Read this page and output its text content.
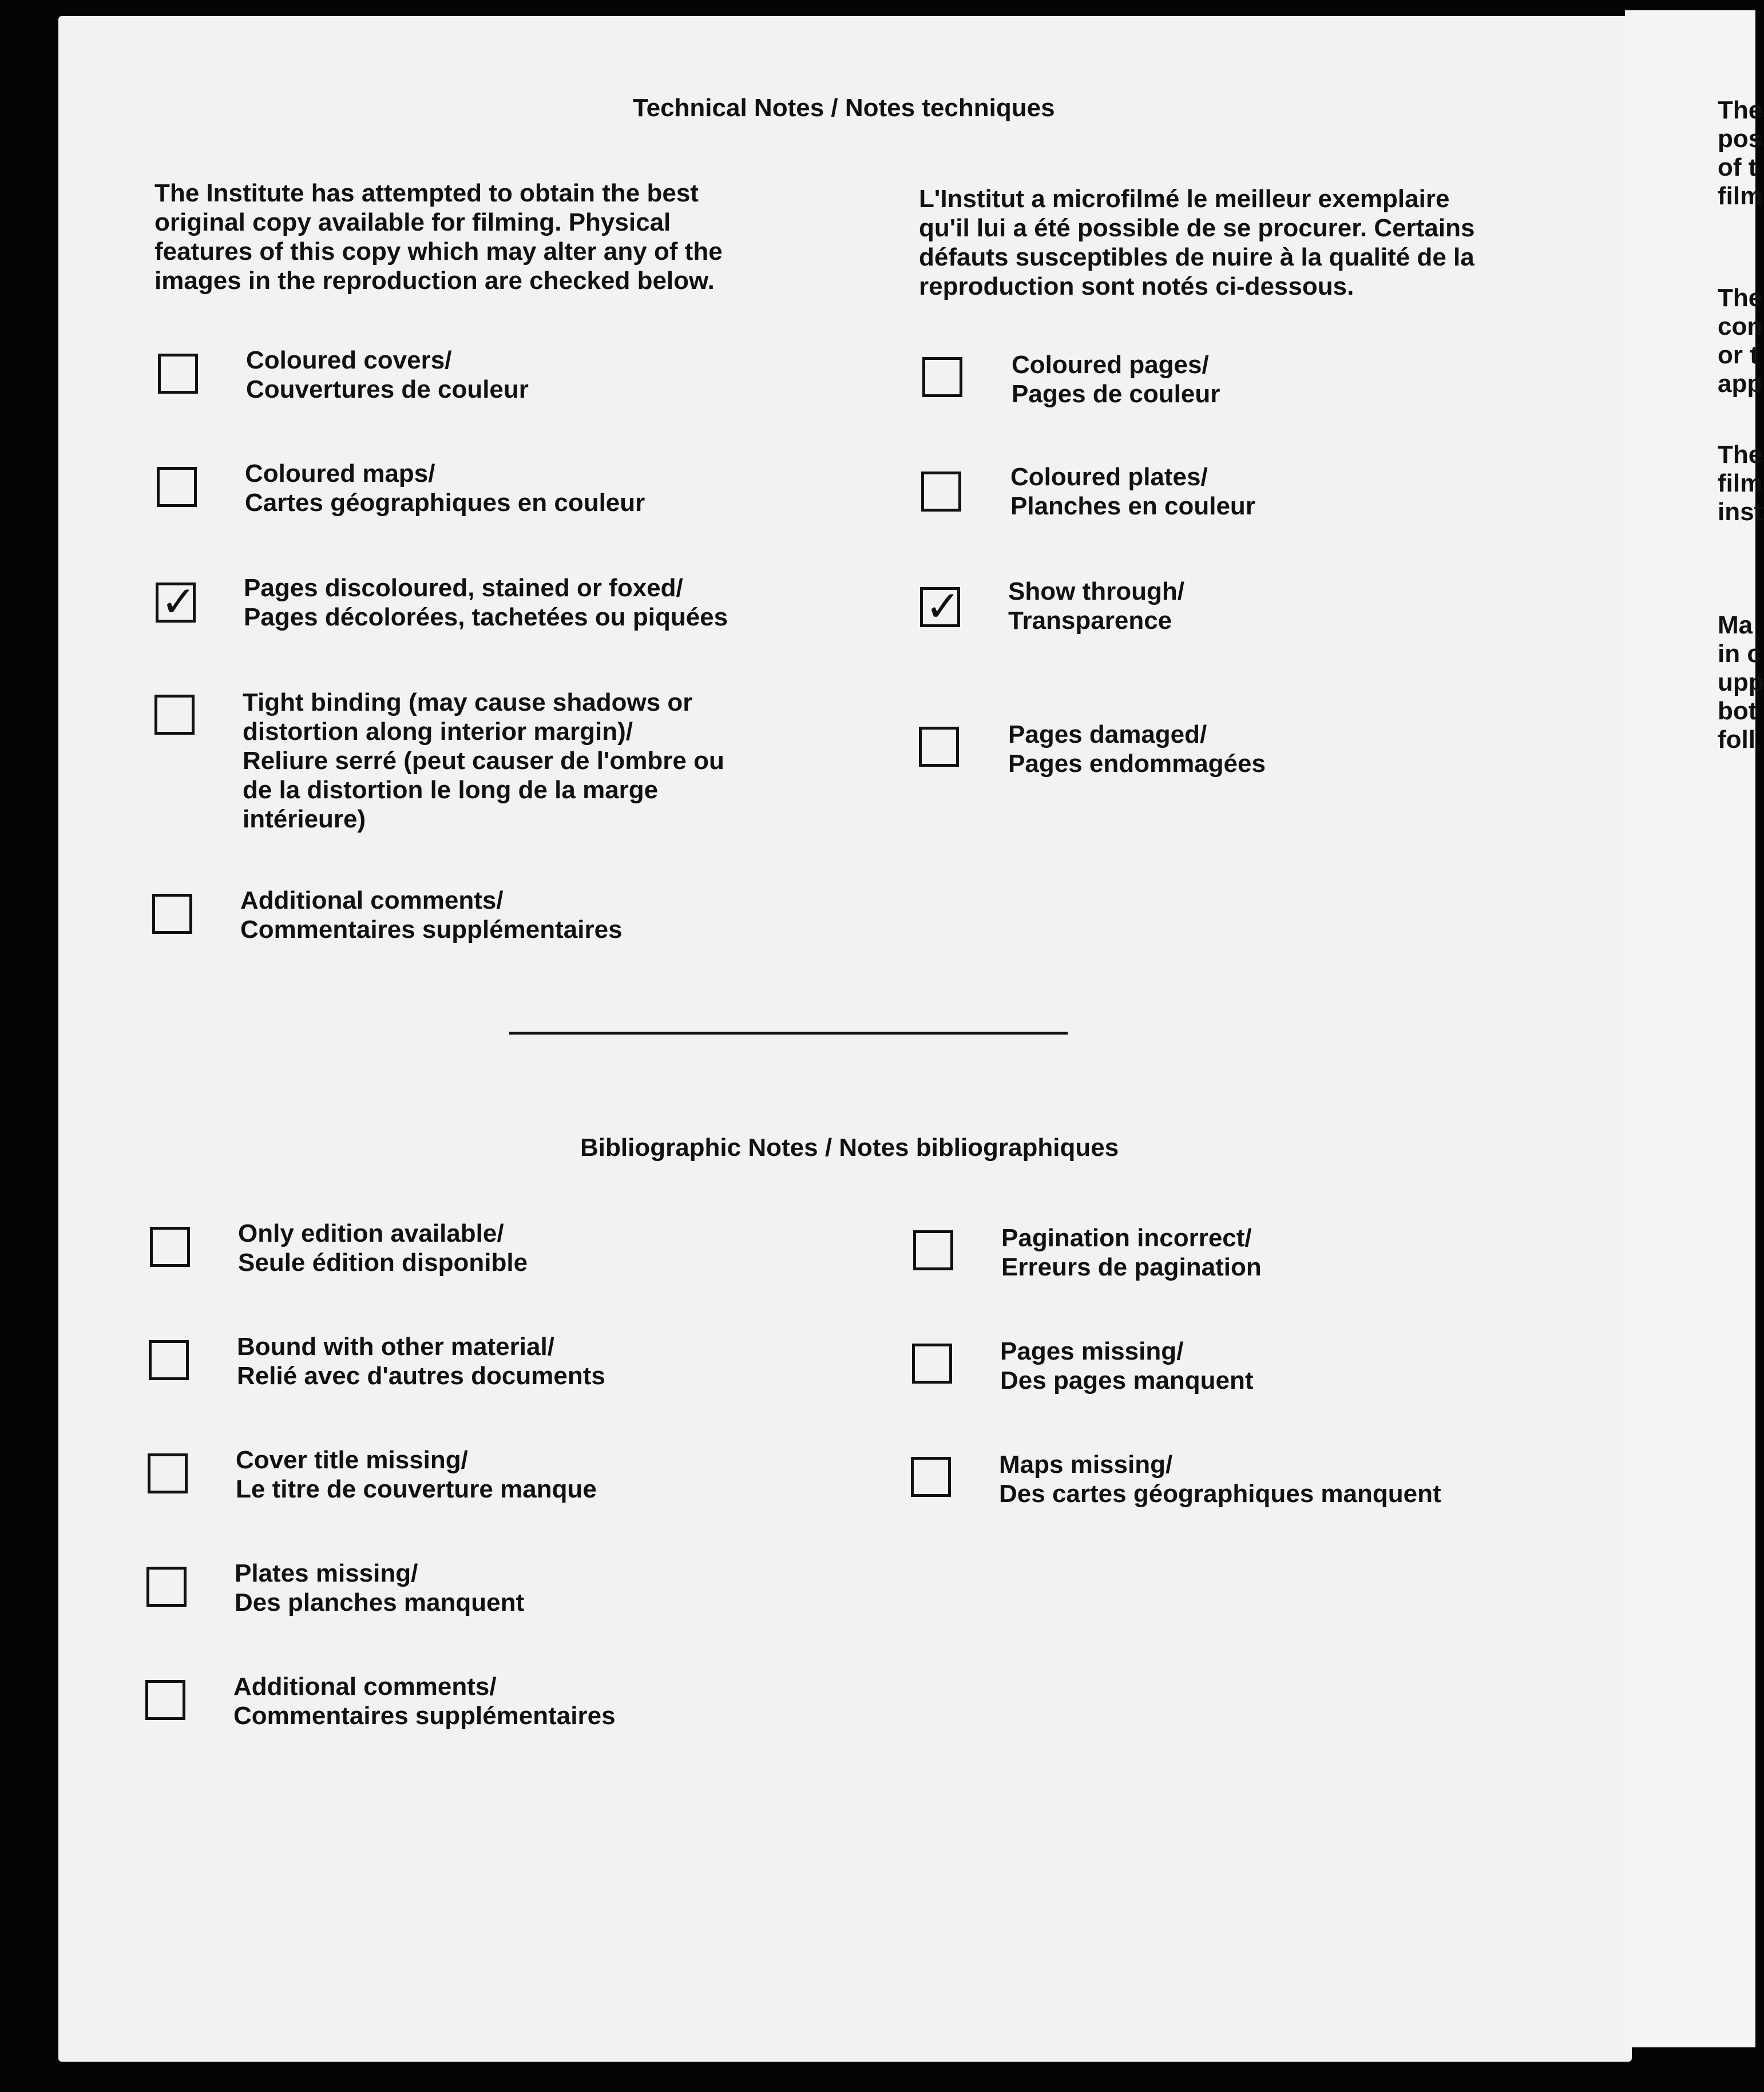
Technical Notes / Notes techniques
The Institute has attempted to obtain the best
original copy available for filming. Physical
features of this copy which may alter any of the
images in the reproduction are checked below.
L'Institut a microfilmé le meilleur exemplaire
qu'il lui a été possible de se procurer. Certains
défauts susceptibles de nuire à la qualité de la
reproduction sont notés ci-dessous.
Coloured covers/
Couvertures de couleur
Coloured maps/
Cartes géographiques en couleur
✓ Pages discoloured, stained or foxed/
Pages décolorées, tachetées ou piquées
Tight binding (may cause shadows or
distortion along interior margin)/
Reliure serré (peut causer de l'ombre ou
de la distortion le long de la marge
intérieure)
Additional comments/
Commentaires supplémentaires
Coloured pages/
Pages de couleur
Coloured plates/
Planches en couleur
✓ Show through/
Transparence
Pages damaged/
Pages endommagées
Bibliographic Notes / Notes bibliographiques
Only edition available/
Seule édition disponible
Bound with other material/
Relié avec d'autres documents
Cover title missing/
Le titre de couverture manque
Plates missing/
Des planches manquent
Additional comments/
Commentaires supplémentaires
Pagination incorrect/
Erreurs de pagination
Pages missing/
Des pages manquent
Maps missing/
Des cartes géographiques manquent
The
pos
of t
film
The
con
or t
app
The
film
inst
Ma
in c
upp
bot
foll
